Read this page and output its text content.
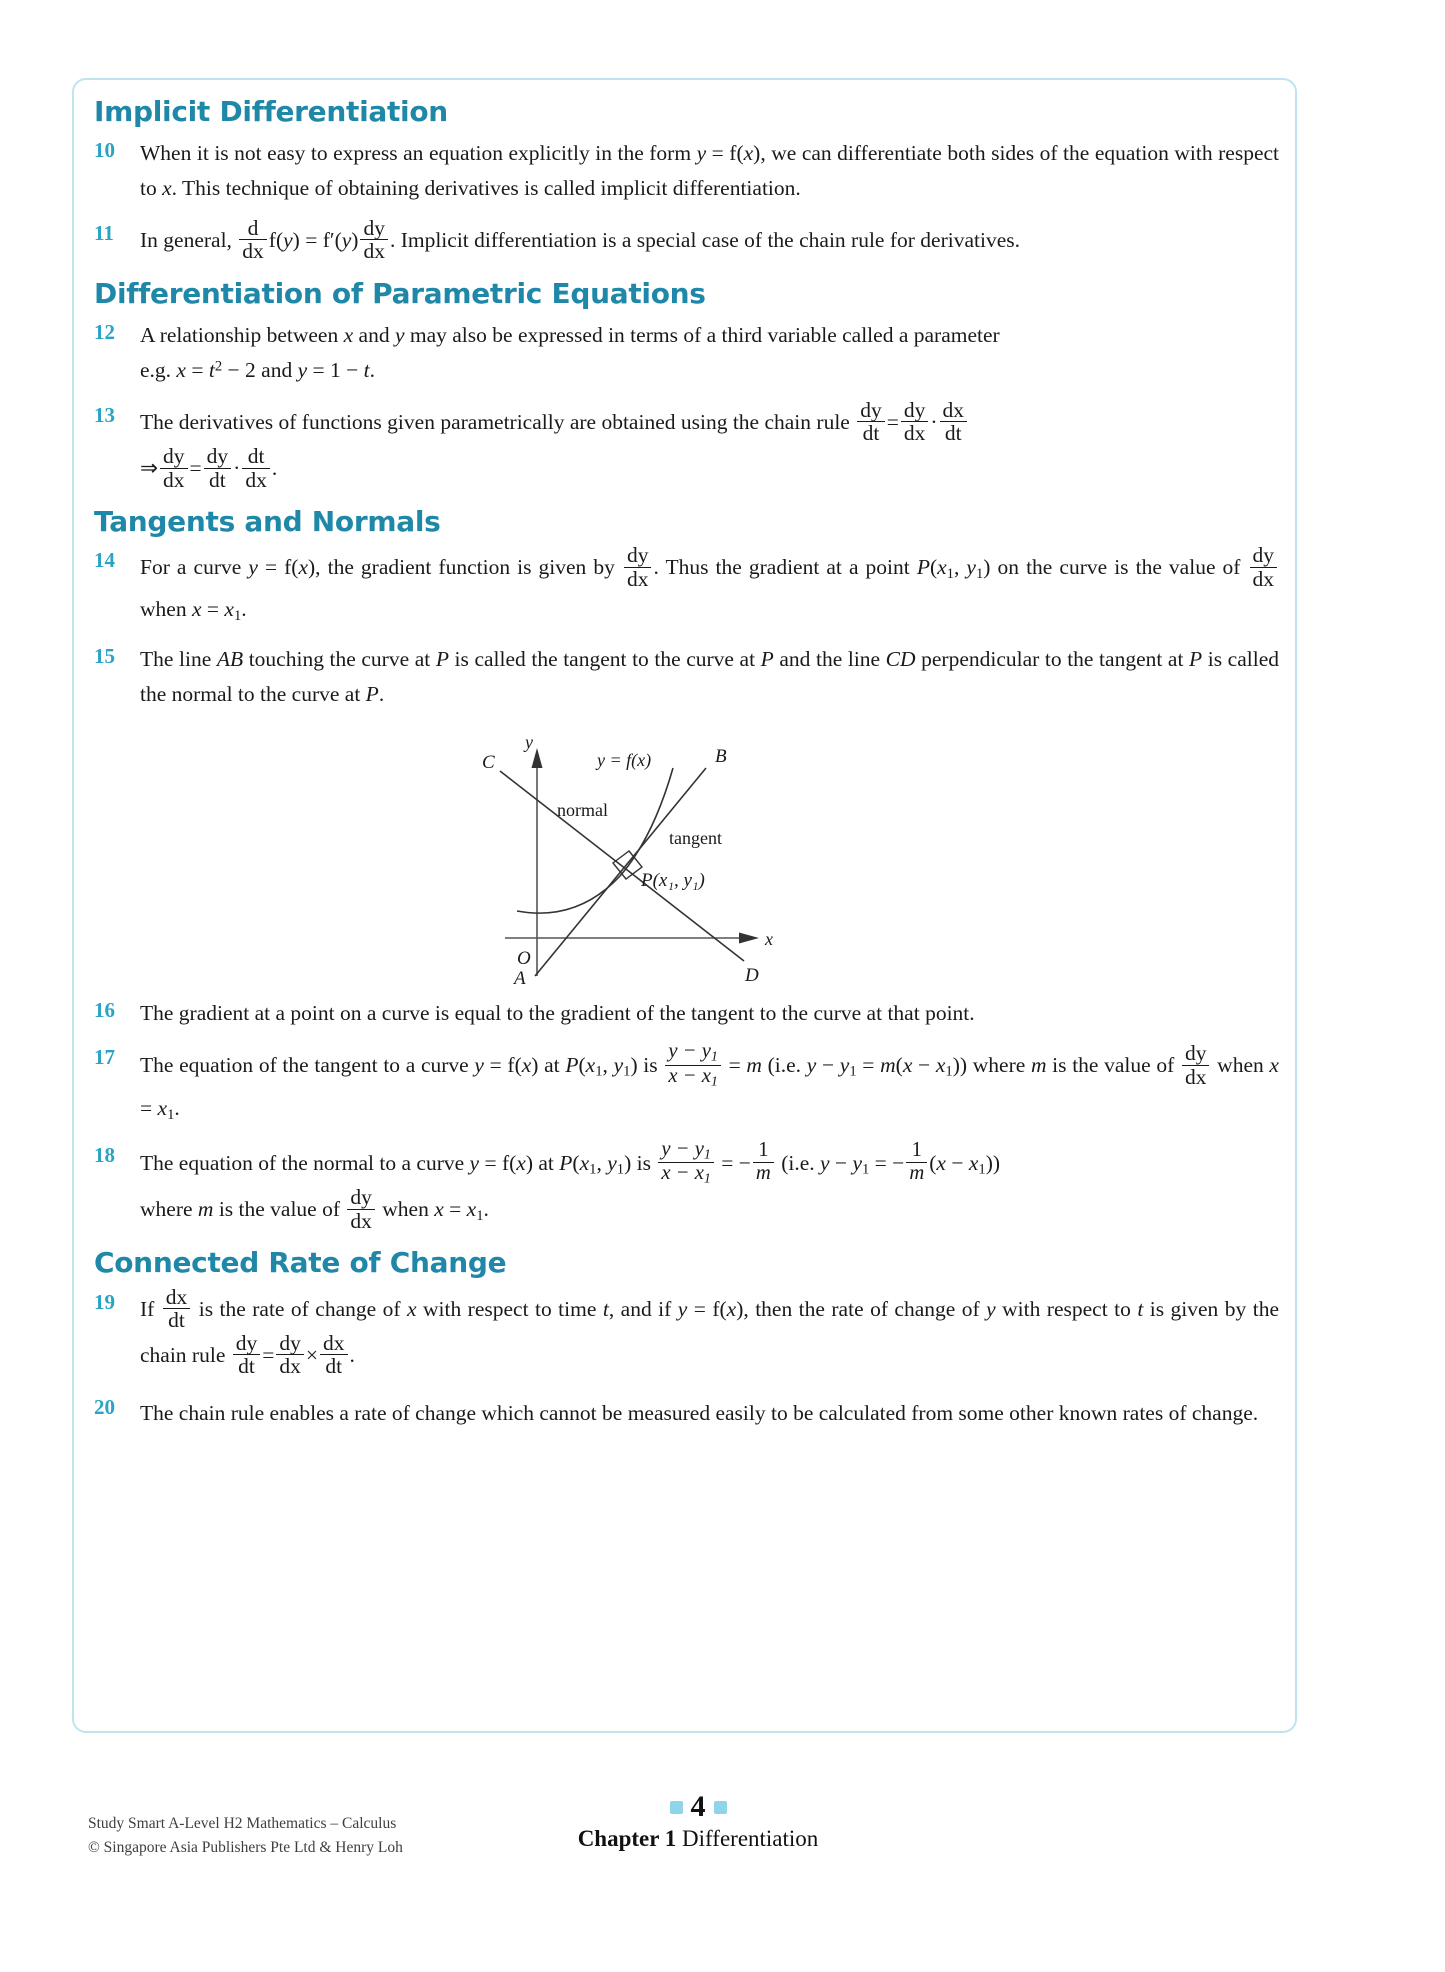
Implicit Differentiation
10	When it is not easy to express an equation explicitly in the form y = f(x), we can differentiate both sides of the equation with respect to x. This technique of obtaining derivatives is called implicit differentiation.
11	In general, $\frac{d}{dx} f(y) = f'(y) \frac{dy}{dx}$ . Implicit differentiation is a special case of the chain rule for derivatives.
Differentiation of Parametric Equations
12	A relationship between x and y may also be expressed in terms of a third variable called a parameter
e.g. $x = t^2 - 2$ and y = 1 − t.
13	The derivatives of functions given parametrically are obtained using the chain rule $\frac{dy}{dt} = \frac{dy}{dx} \cdot \frac{dx}{dt}$
⇒ $\frac{dy}{dx} = \frac{dy}{dt} \cdot \frac{dt}{dx}$ .
Tangents and Normals
14	For a curve y = f(x), the gradient function is given by $\frac{dy}{dx}$ . Thus the gradient at a point $P(x_1$, $y_1$) on the curve is the value of $\frac{dy}{dx}$
when $x = x_1$.
15	The line AB touching the curve at P is called the tangent to the curve at P and the line CD perpendicular to the tangent at P is called the normal to the curve at P.
y
x
O
A
B
C
D
y = f(x)
normal
tangent
P(x₁, y₁)
16	The gradient at a point on a curve is equal to the gradient of the tangent to the curve at that point.
17	The equation of the tangent to a curve y = f(x) at $P(x_1$, $y_1$) is $\frac{y - y_1}{x - x_1} = m$ (i.e. $y - y_1 = m(x - x_1)$) where m is the value of $\frac{dy}{dx}$ when $x = x_1$.
18	The equation of the normal to a curve y = f(x) at $P(x_1$, $y_1$) is $\frac{y - y_1}{x - x_1}$ = − $\frac{1}{m} (i.e$. $y - y_1$ = − $\frac{1}{m} (x - x_1)$)
where m is the value of $\frac{dy}{dx}$ when $x = x_1$.
Connected Rate of Change
19	If $\frac{dx}{dt}$ is the rate of change of x with respect to time t, and if y = f(x), then the rate of change of y with respect to t is given by the chain rule $\frac{dy}{dt} = \frac{dy}{dx} \times \frac{dx}{dt}$ .
20	The chain rule enables a rate of change which cannot be measured easily to be calculated from some other known rates of change.
Study Smart A-Level H2 Mathematics – Calculus
© Singapore Asia Publishers Pte Ltd & Henry Loh
4
Chapter 1 Differentiation
